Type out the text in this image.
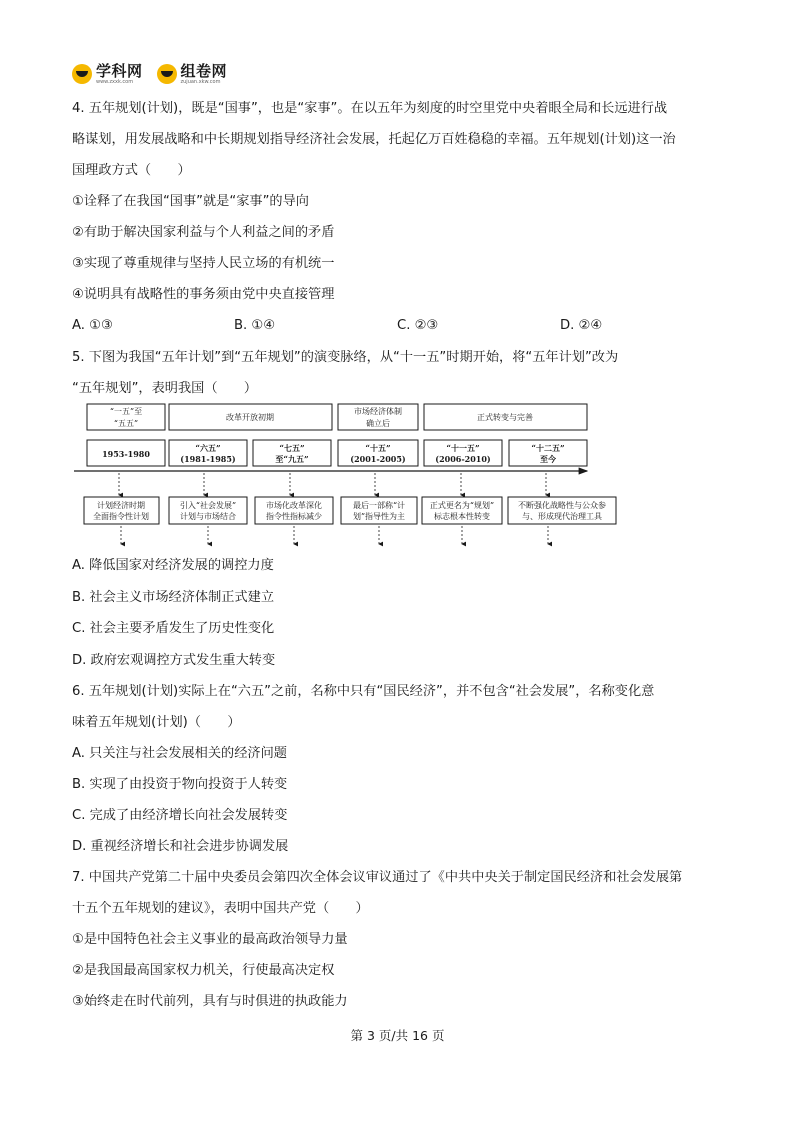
学科网
www.zxxk.com
组卷网
zujuan.xkw.com
4. 五年规划(计划)，既是“国事”，也是“家事”。在以五年为刻度的时空里党中央着眼全局和长远进行战
略谋划，用发展战略和中长期规划指导经济社会发展，托起亿万百姓稳稳的幸福。五年规划(计划)这一治
国理政方式（　　）
①诠释了在我国“国事”就是“家事”的导向
②有助于解决国家利益与个人利益之间的矛盾
③实现了尊重规律与坚持人民立场的有机统一
④说明具有战略性的事务须由党中央直接管理
A. ①③	B. ①④	C. ②③	D. ②④
5. 下图为我国“五年计划”到“五年规划”的演变脉络，从“十一五”时期开始，将“五年计划”改为
“五年规划”，表明我国（　　）
“一五”至
“五五”
改革开放初期
市场经济体制
确立后
正式转变与完善
1953-1980
“六五”
(1981-1985)
“七五”
至“九五”
“十五”
(2001-2005)
“十一五”
(2006-2010)
“十二五”
至今
计划经济时期
全面指令性计划
引入“社会发展”
计划与市场结合
市场化改革深化
指令性指标减少
最后一部称“计
划”指导性为主
正式更名为“规划”
标志根本性转变
不断强化战略性与公众参
与、形成现代治理工具
A. 降低国家对经济发展的调控力度
B. 社会主义市场经济体制正式建立
C. 社会主要矛盾发生了历史性变化
D. 政府宏观调控方式发生重大转变
6. 五年规划(计划)实际上在“六五”之前，名称中只有“国民经济”，并不包含“社会发展”，名称变化意
味着五年规划(计划)（　　）
A. 只关注与社会发展相关的经济问题
B. 实现了由投资于物向投资于人转变
C. 完成了由经济增长向社会发展转变
D. 重视经济增长和社会进步协调发展
7. 中国共产党第二十届中央委员会第四次全体会议审议通过了《中共中央关于制定国民经济和社会发展第
十五个五年规划的建议》，表明中国共产党（　　）
①是中国特色社会主义事业的最高政治领导力量
②是我国最高国家权力机关，行使最高决定权
③始终走在时代前列，具有与时俱进的执政能力
第 3 页/共 16 页
